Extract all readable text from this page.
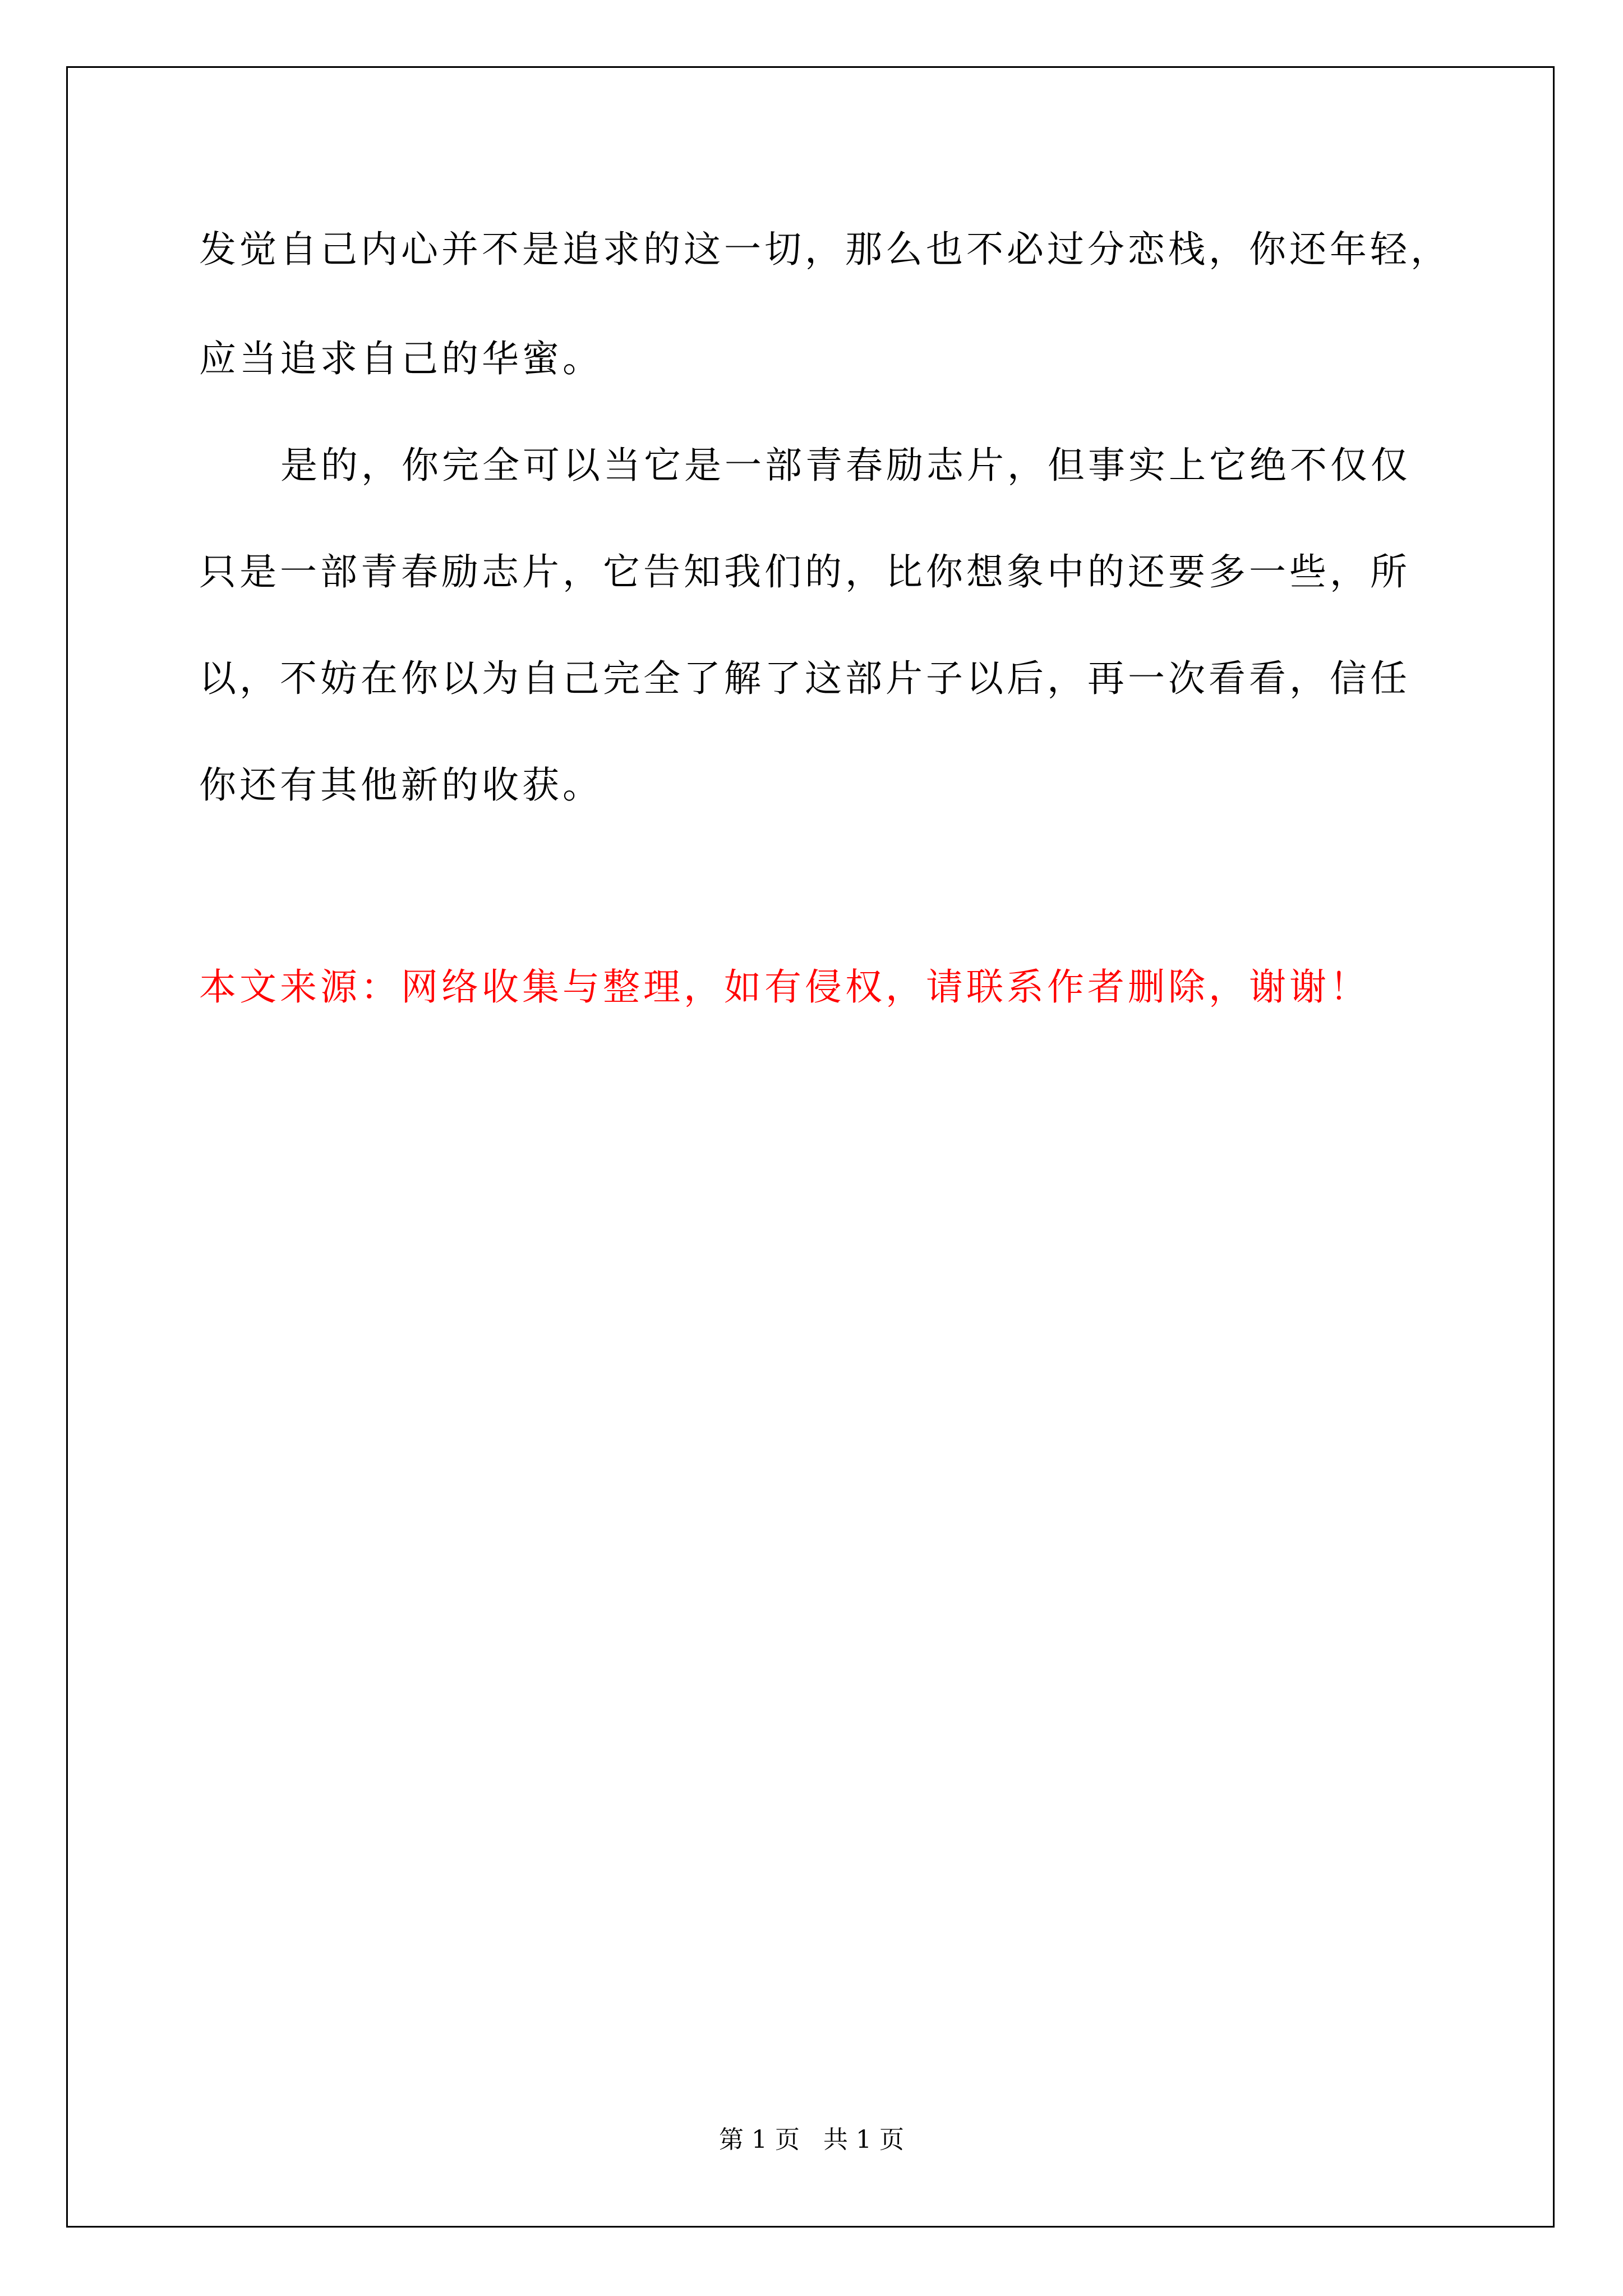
发觉自己内心并不是追求的这一切，那么也不必过分恋栈，你还年轻，
应当追求自己的华蜜。
是的，你完全可以当它是一部青春励志片，但事实上它绝不仅仅
只是一部青春励志片，它告知我们的，比你想象中的还要多一些，所
以，不妨在你以为自己完全了解了这部片子以后，再一次看看，信任
你还有其他新的收获。
本文来源：网络收集与整理，如有侵权，请联系作者删除，谢谢！
第 1 页   共 1 页
